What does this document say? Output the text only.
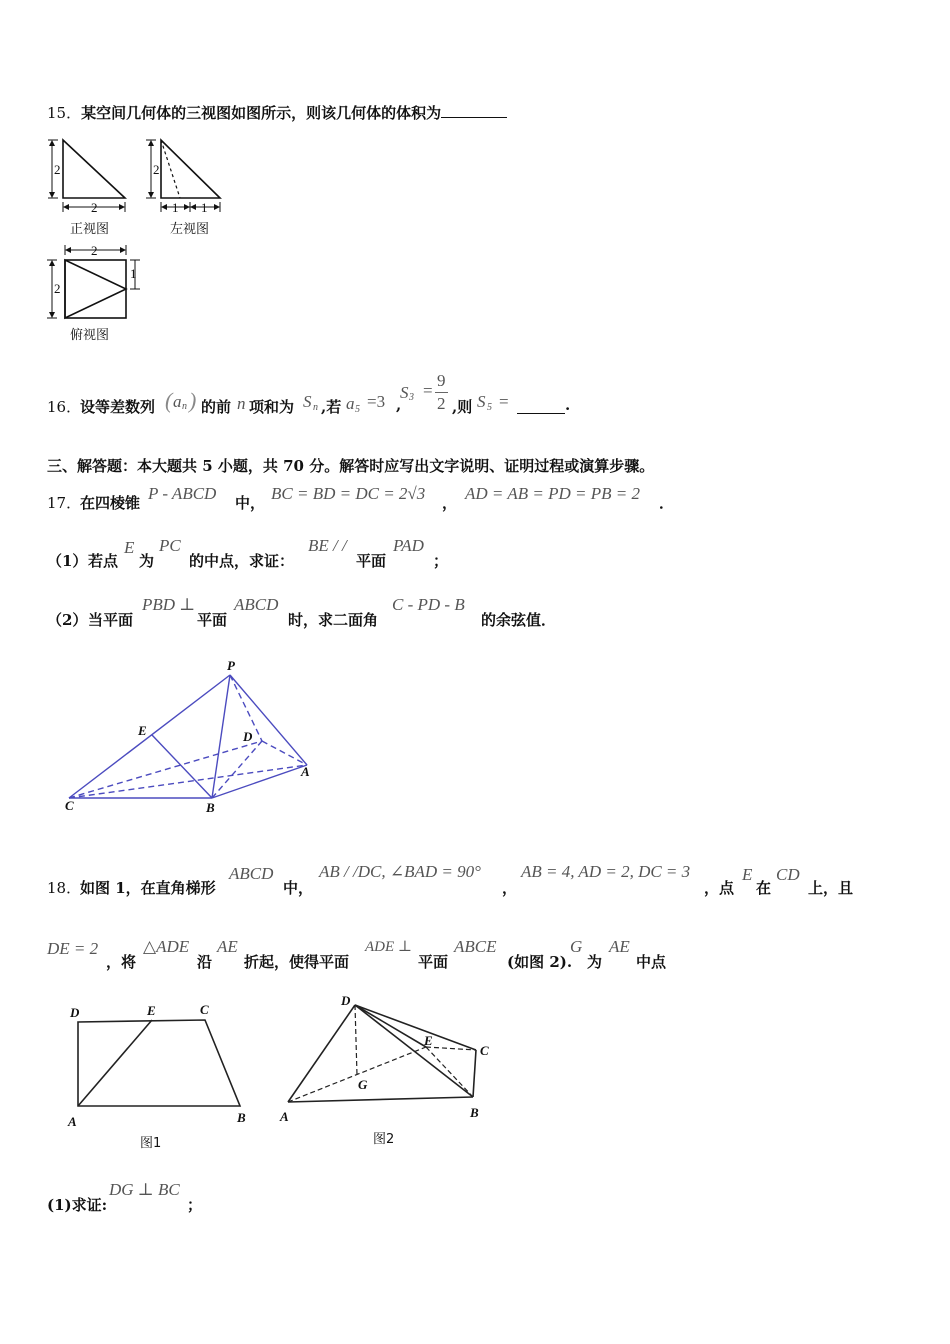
15．某空间几何体的三视图如图所示，则该几何体的体积为
2
2
正视图
2
1 1
左视图
2
2
1
俯视图
16．
设等差数列 ( a n ) 的前 n 项和为 S n ,若 a 5 =3 ,
S 3 =
9
2 ,则 S 5 =	.
三、解答题：本大题共 5 小题，共 70 分。解答时应写出文字说明、证明过程或演算步骤。
17．
在四棱锥 P - ABCD 中， BC = BD = DC = 2√3 ， AD = AB = PD = PB = 2 ．
（1） 若点
E
为
PC
的中点，求证：
BE / /
平面
PAD
；
（2） 当平面
PBD ⊥
平面
ABCD
时，求二面角
C - PD - B
的余弦值．
P
E	D
A
C	B
18．
如图 1，在直角梯形
ABCD
中，
AB / /DC, ∠BAD = 90°
，
AB = 4, AD = 2, DC = 3
，点
E
在
CD
上，且
DE = 2
，将
△ADE
沿
AE
折起，使得平面
ADE ⊥
平面
ABCE
(如图 2).
G
为
AE
中点
D	E	C
A	B
图1
D
E
C
G
A	B
图2
(1)求证:
DG ⊥ BC
；
